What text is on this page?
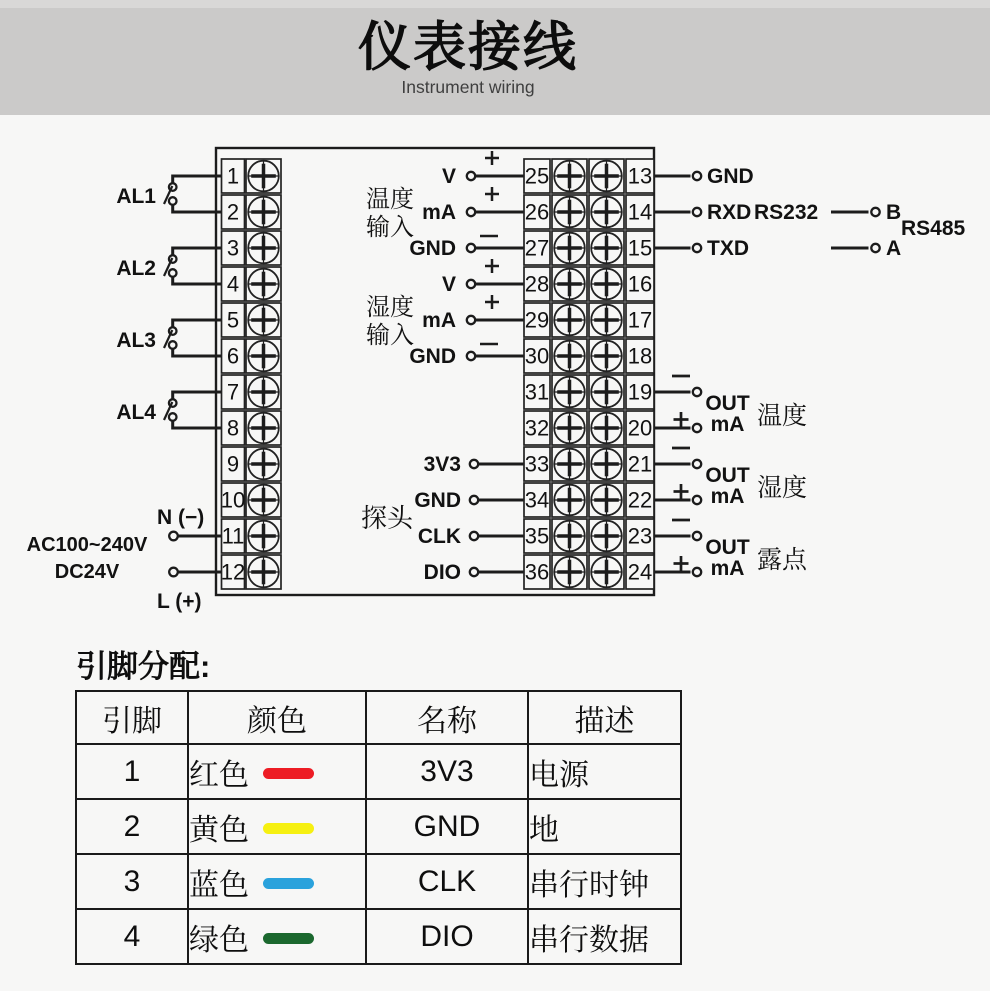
仪表接线
Instrument wiring
AL1
AL2
AL3
AL4
N (−)
L (+)
AC100~240V
DC24V
温度
输入
V
mA
GND
湿度
输入
V
mA
GND
探头
3V3
GND
CLK
DIO
GND
RXD
TXD
RS232	B
A
RS485
OUT
mA 温度
OUT
mA 湿度
OUT
mA 露点
1	25	13
2	26	14
3	27	15
4	28	16
5	29	17
6	30	18
7	31	19
8	32	20
9	33	21
10	34	22
11	35	23
12	36	24
引脚分配:
引脚	颜色	名称	描述
1	红色	3V3	电源
2	黄色	GND	地
3	蓝色	CLK	串行时钟
4	绿色	DIO	串行数据
